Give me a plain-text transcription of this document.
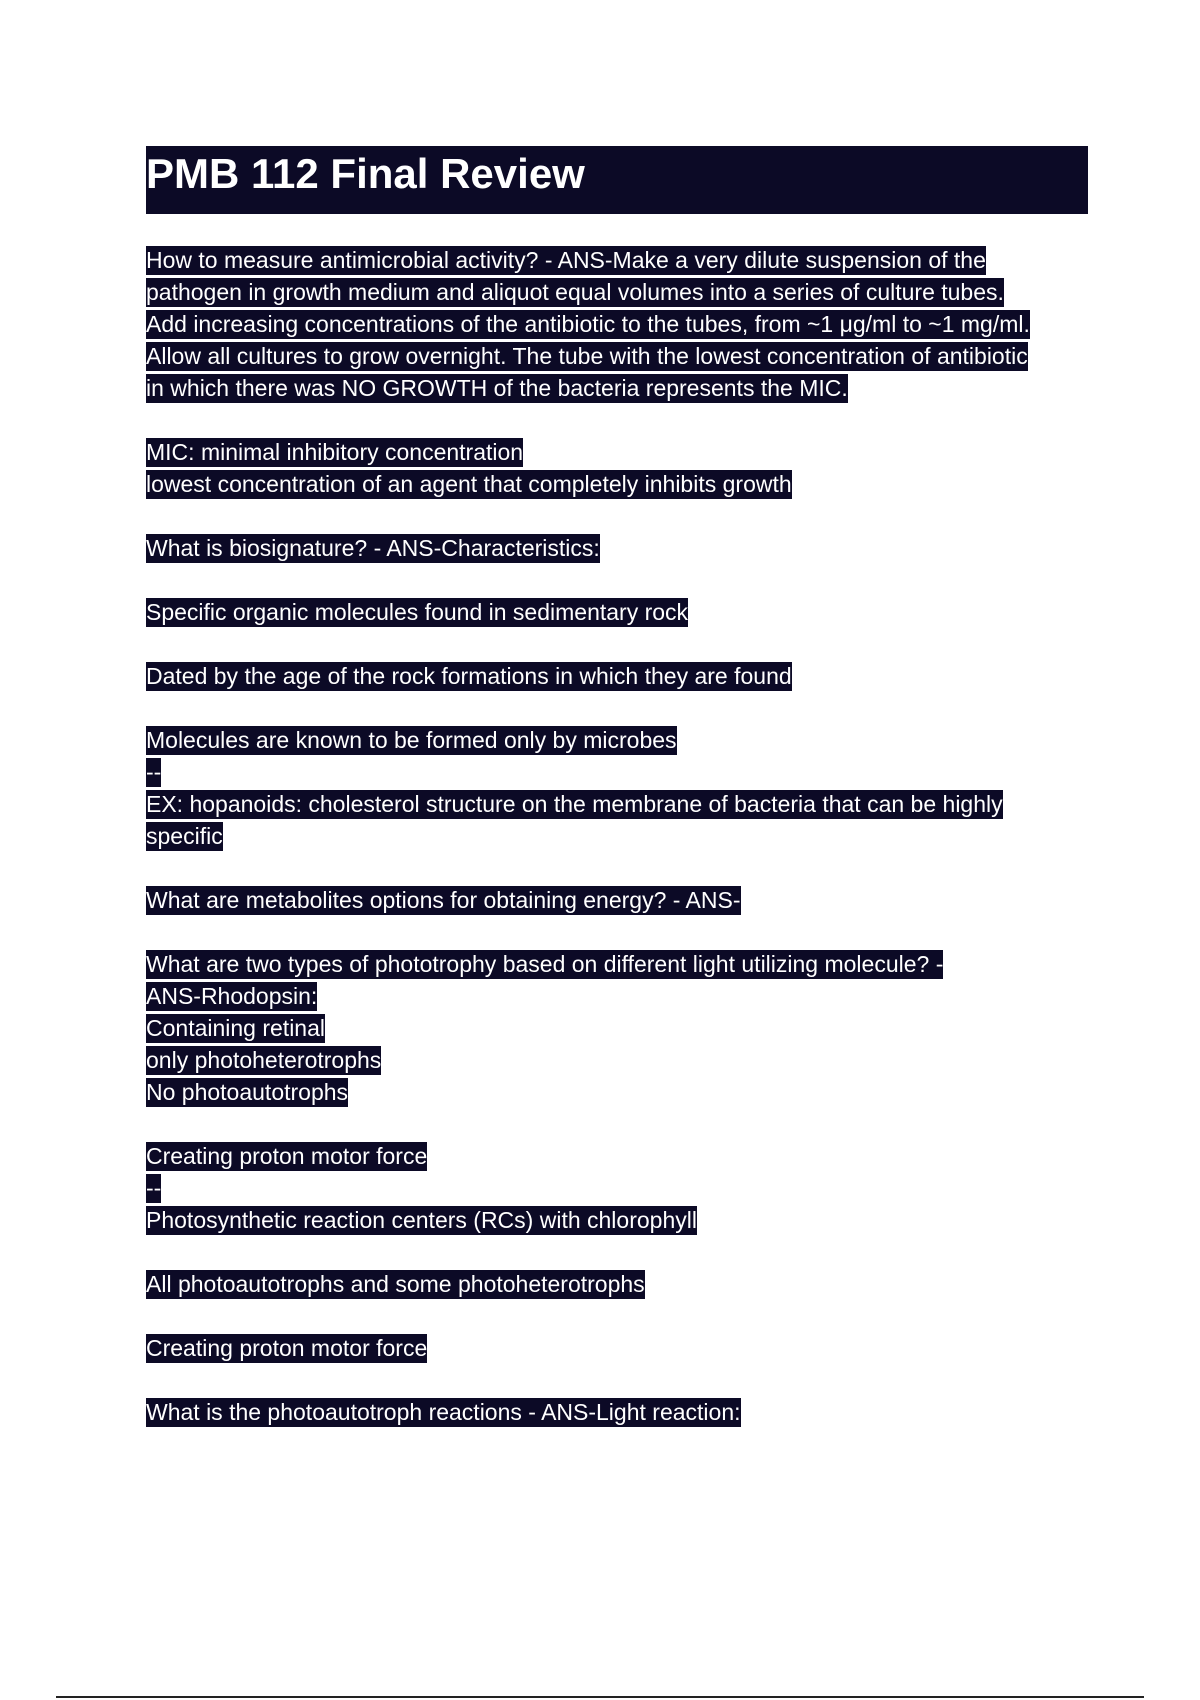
PMB 112 Final Review
How to measure antimicrobial activity? - ANS-Make a very dilute suspension of the
pathogen in growth medium and aliquot equal volumes into a series of culture tubes.
Add increasing concentrations of the antibiotic to the tubes, from ~1 μg/ml to ~1 mg/ml.
Allow all cultures to grow overnight. The tube with the lowest concentration of antibiotic
in which there was NO GROWTH of the bacteria represents the MIC.
MIC: minimal inhibitory concentration
lowest concentration of an agent that completely inhibits growth
What is biosignature? - ANS-Characteristics:
Specific organic molecules found in sedimentary rock
Dated by the age of the rock formations in which they are found
Molecules are known to be formed only by microbes
--
EX: hopanoids: cholesterol structure on the membrane of bacteria that can be highly
specific
What are metabolites options for obtaining energy? - ANS-
What are two types of phototrophy based on different light utilizing molecule? -
ANS-Rhodopsin:
Containing retinal
only photoheterotrophs
No photoautotrophs
Creating proton motor force
--
Photosynthetic reaction centers (RCs) with chlorophyll
All photoautotrophs and some photoheterotrophs
Creating proton motor force
What is the photoautotroph reactions - ANS-Light reaction:
